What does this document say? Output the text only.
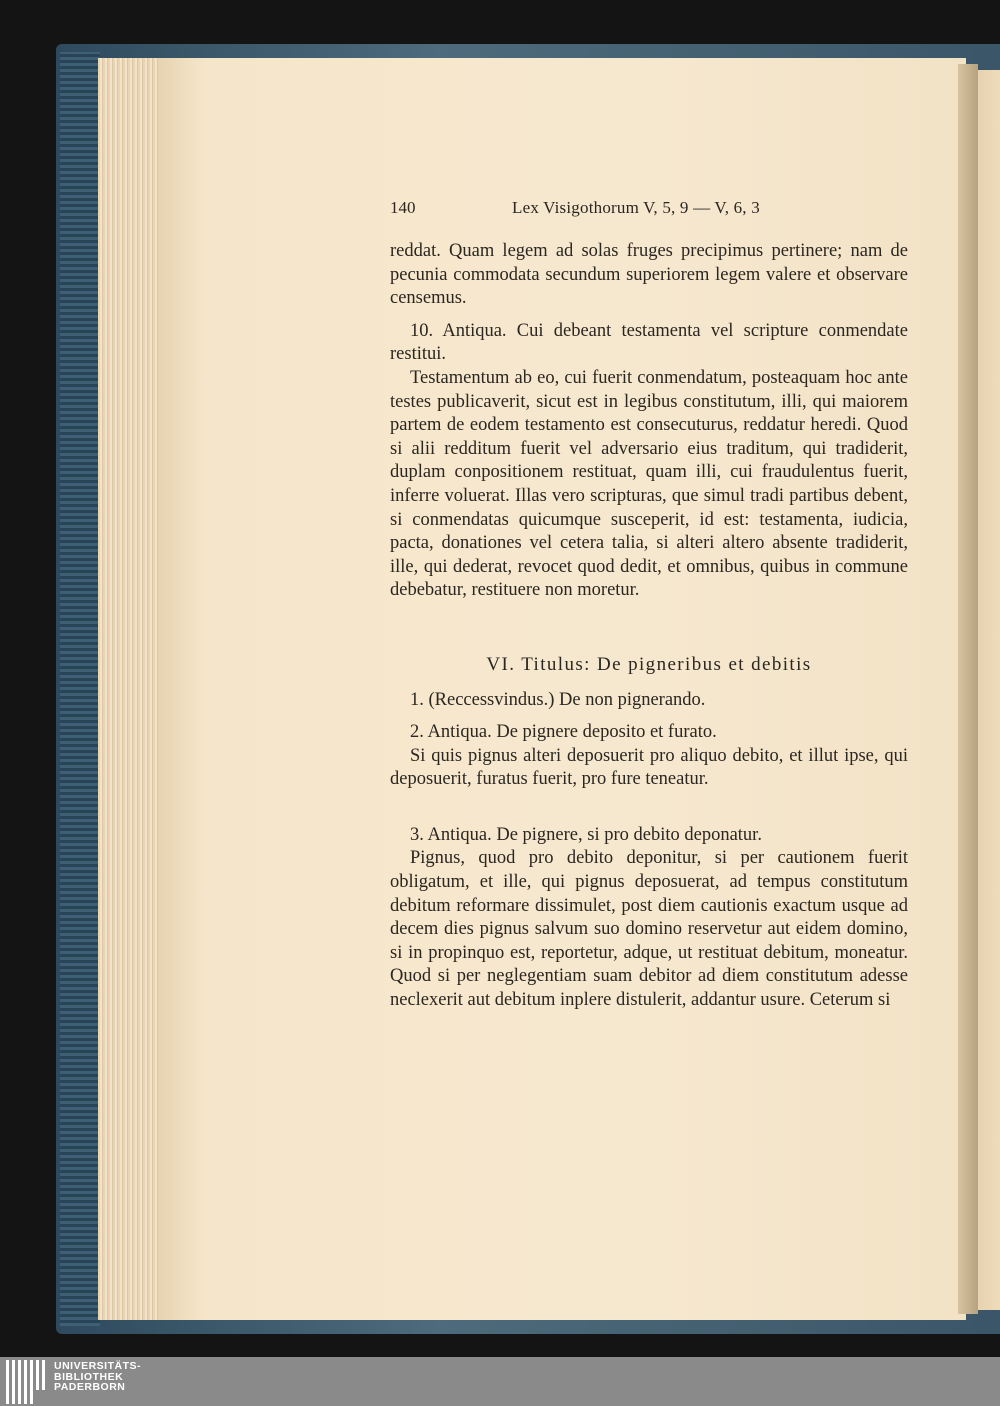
140	Lex Visigothorum V, 5, 9 — V, 6, 3

reddat. Quam legem ad solas fruges precipimus pertinere; nam de pecunia commodata secundum superiorem legem valere et observare censemus.

10. Antiqua. Cui debeant testamenta vel scripture conmendate restitui.

Testamentum ab eo, cui fuerit conmendatum, posteaquam hoc ante testes publicaverit, sicut est in legibus constitutum, illi, qui maiorem partem de eodem testamento est consecuturus, reddatur heredi. Quod si alii redditum fuerit vel adversario eius traditum, qui tradiderit, duplam conpositionem restituat, quam illi, cui fraudulentus fuerit, inferre voluerat. Illas vero scripturas, que simul tradi partibus debent, si conmendatas quicumque susceperit, id est: testamenta, iudicia, pacta, donationes vel cetera talia, si alteri altero absente tradiderit, ille, qui dederat, revocet quod dedit, et omnibus, quibus in commune debebatur, restituere non moretur.

VI. Titulus: De pigneribus et debitis

1. (Reccessvindus.) De non pignerando.

2. Antiqua. De pignere deposito et furato.

Si quis pignus alteri deposuerit pro aliquo debito, et illut ipse, qui deposuerit, furatus fuerit, pro fure teneatur.

3. Antiqua. De pignere, si pro debito deponatur.

Pignus, quod pro debito deponitur, si per cautionem fuerit obligatum, et ille, qui pignus deposuerat, ad tempus constitutum debitum reformare dissimulet, post diem cautionis exactum usque ad decem dies pignus salvum suo domino reservetur aut eidem domino, si in propinquo est, reportetur, adque, ut restituat debitum, moneatur. Quod si per neglegentiam suam debitor ad diem constitutum adesse neclexerit aut debitum inplere distulerit, addantur usure. Ceterum si

UNIVERSITÄTS-
BIBLIOTHEK
PADERBORN
